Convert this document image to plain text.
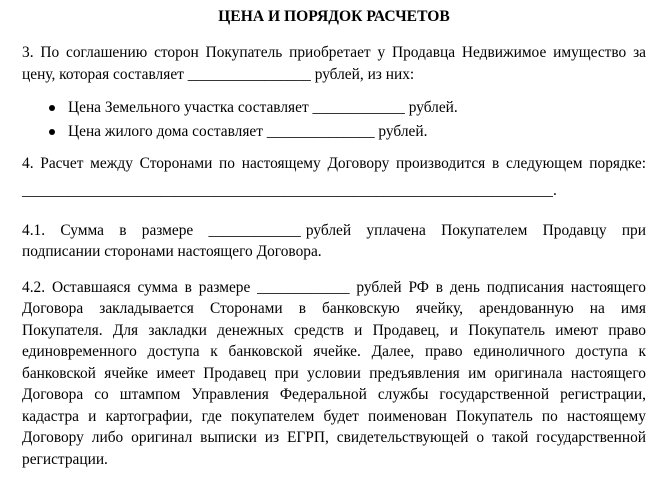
ЦЕНА И ПОРЯДОК РАСЧЕТОВ
3. По соглашению сторон Покупатель приобретает у Продавца Недвижимое имущество за
цену, которая составляет ________________ рублей, из них:
Цена Земельного участка составляет ____________ рублей.
Цена жилого дома составляет ______________ рублей.
4. Расчет между Сторонами по настоящему Договору производится в следующем порядке:
_____________________________________________________________________.
4.1.   Сумма   в   размере   ____________ рублей   уплачена   Покупателем   Продавцу   при
подписании сторонами настоящего Договора.
4.2. Оставшаяся сумма в размере ____________ рублей РФ в день подписания настоящего
Договора закладывается Сторонами в банковскую ячейку, арендованную на имя
Покупателя. Для закладки денежных средств и Продавец, и Покупатель имеют право
единовременного доступа к банковской ячейке. Далее, право единоличного доступа к
банковской ячейке имеет Продавец при условии предъявления им оригинала настоящего
Договора со штампом Управления Федеральной службы государственной регистрации,
кадастра и картографии, где покупателем будет поименован Покупатель по настоящему
Договору либо оригинал выписки из ЕГРП, свидетельствующей о такой государственной
регистрации.
